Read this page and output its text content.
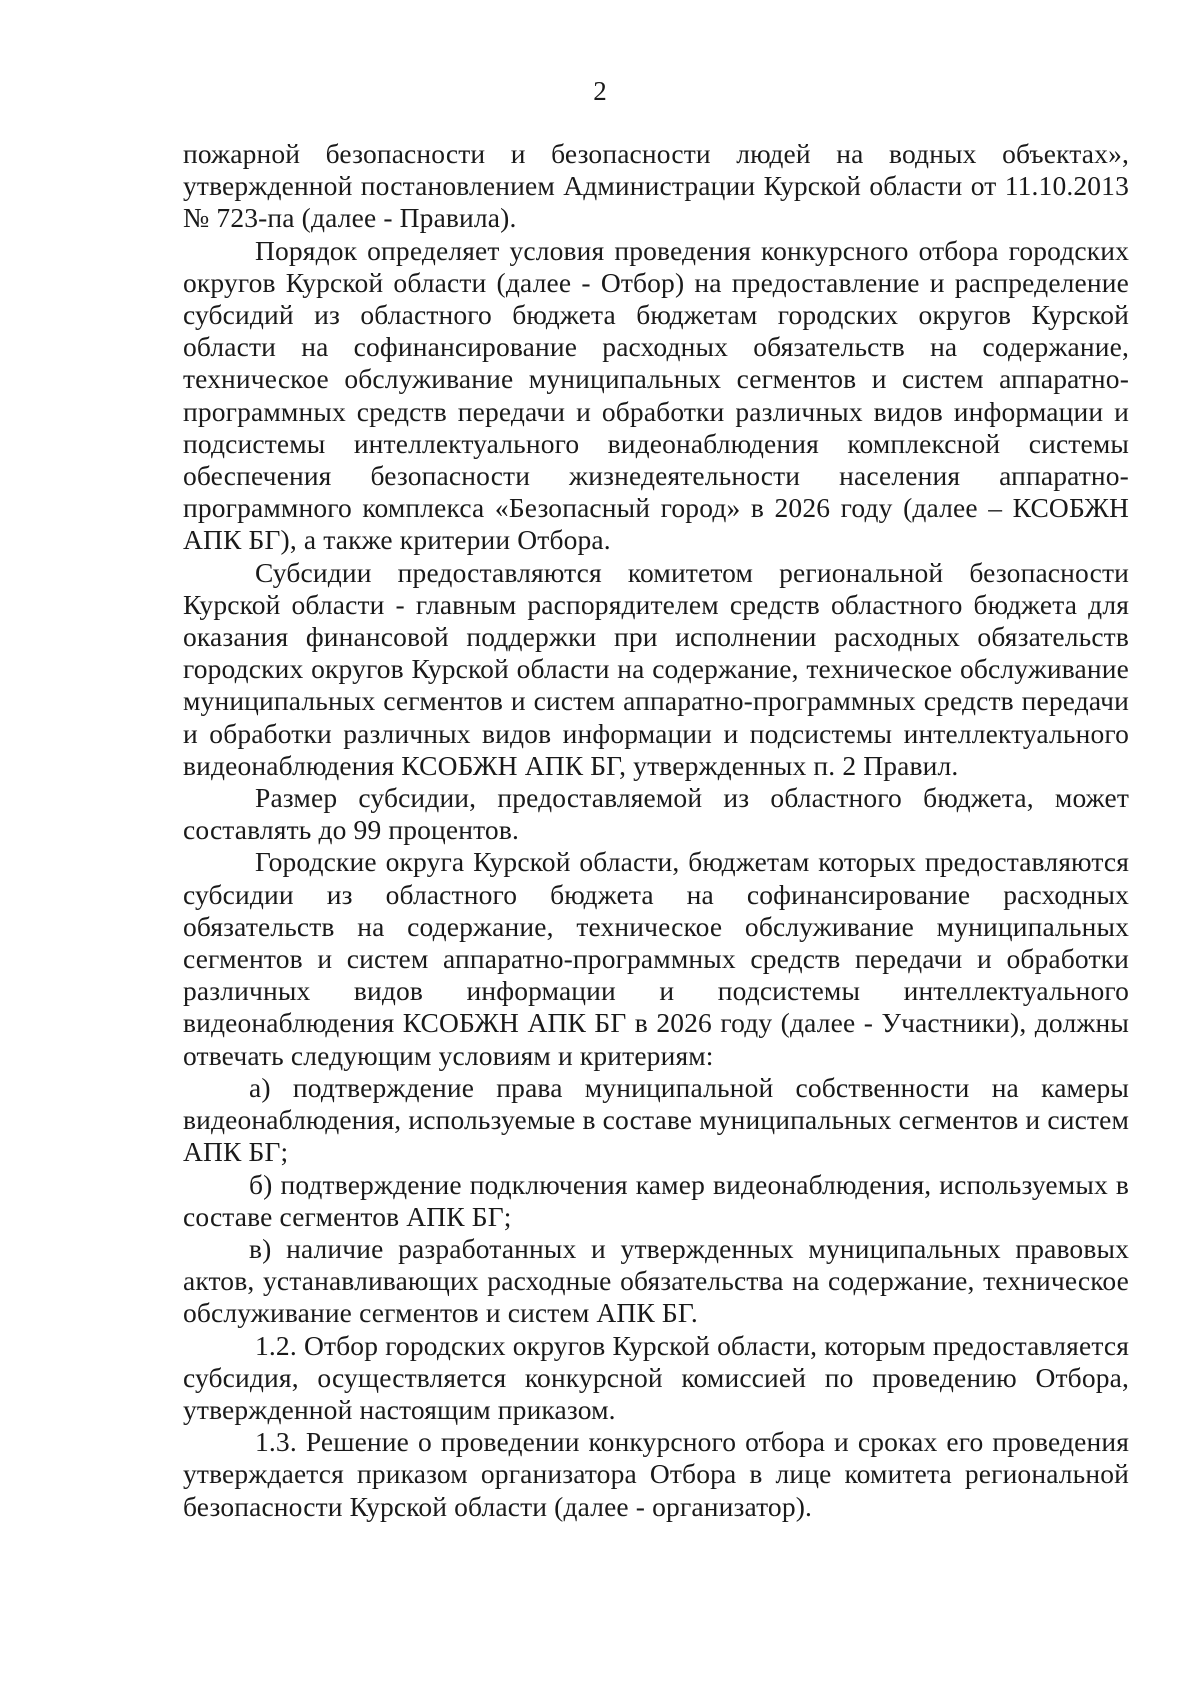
2

пожарной безопасности и безопасности людей на водных объектах», утвержденной постановлением Администрации Курской области от 11.10.2013 № 723-па (далее - Правила).

Порядок определяет условия проведения конкурсного отбора городских округов Курской области (далее - Отбор) на предоставление и распределение субсидий из областного бюджета бюджетам городских округов Курской области на софинансирование расходных обязательств на содержание, техническое обслуживание муниципальных сегментов и систем аппаратно-программных средств передачи и обработки различных видов информации и подсистемы интеллектуального видеонаблюдения комплексной системы обеспечения безопасности жизнедеятельности населения аппаратно-программного комплекса «Безопасный город» в 2026 году (далее – КСОБЖН АПК БГ), а также критерии Отбора.

Субсидии предоставляются комитетом региональной безопасности Курской области - главным распорядителем средств областного бюджета для оказания финансовой поддержки при исполнении расходных обязательств городских округов Курской области на содержание, техническое обслуживание муниципальных сегментов и систем аппаратно-программных средств передачи и обработки различных видов информации и подсистемы интеллектуального видеонаблюдения КСОБЖН АПК БГ, утвержденных п. 2 Правил.

Размер субсидии, предоставляемой из областного бюджета, может составлять до 99 процентов.

Городские округа Курской области, бюджетам которых предоставляются субсидии из областного бюджета на софинансирование расходных обязательств на содержание, техническое обслуживание муниципальных сегментов и систем аппаратно-программных средств передачи и обработки различных видов информации и подсистемы интеллектуального видеонаблюдения КСОБЖН АПК БГ в 2026 году (далее - Участники), должны отвечать следующим условиям и критериям:

а) подтверждение права муниципальной собственности на камеры видеонаблюдения, используемые в составе муниципальных сегментов и систем АПК БГ;

б) подтверждение подключения камер видеонаблюдения, используемых в составе сегментов АПК БГ;

в) наличие разработанных и утвержденных муниципальных правовых актов, устанавливающих расходные обязательства на содержание, техническое обслуживание сегментов и систем АПК БГ.

1.2. Отбор городских округов Курской области, которым предоставляется субсидия, осуществляется конкурсной комиссией по проведению Отбора, утвержденной настоящим приказом.

1.3. Решение о проведении конкурсного отбора и сроках его проведения утверждается приказом организатора Отбора в лице комитета региональной безопасности Курской области (далее - организатор).
